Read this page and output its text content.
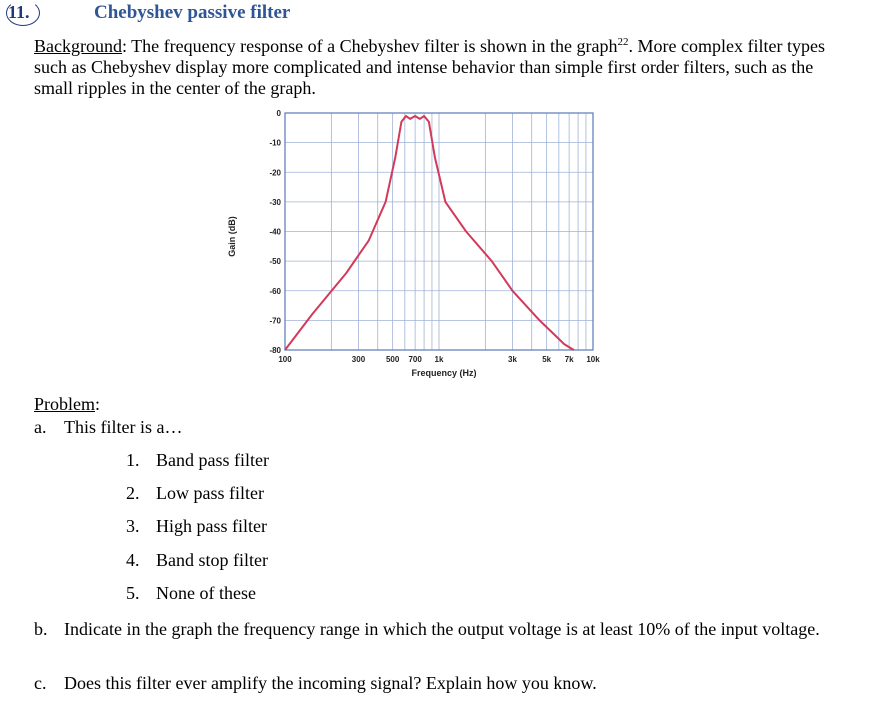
11.	Chebyshev passive filter
Background: The frequency response of a Chebyshev filter is shown in the graph$^{22}$. More complex filter types such as Chebyshev display more complicated and intense behavior than simple first order filters, such as the small ripples in the center of the graph.
0
-10
-20
-30
-40
-50
-60
-70
-80
100	300	500 700 1k	3k	5k 7k 10k
Frequency (Hz)
Gain (dB)
Problem:
a. This filter is a…
1. Band pass filter
2. Low pass filter
3. High pass filter
4. Band stop filter
5. None of these
b. Indicate in the graph the frequency range in which the output voltage is at least 10% of the input voltage.
c. Does this filter ever amplify the incoming signal? Explain how you know.
